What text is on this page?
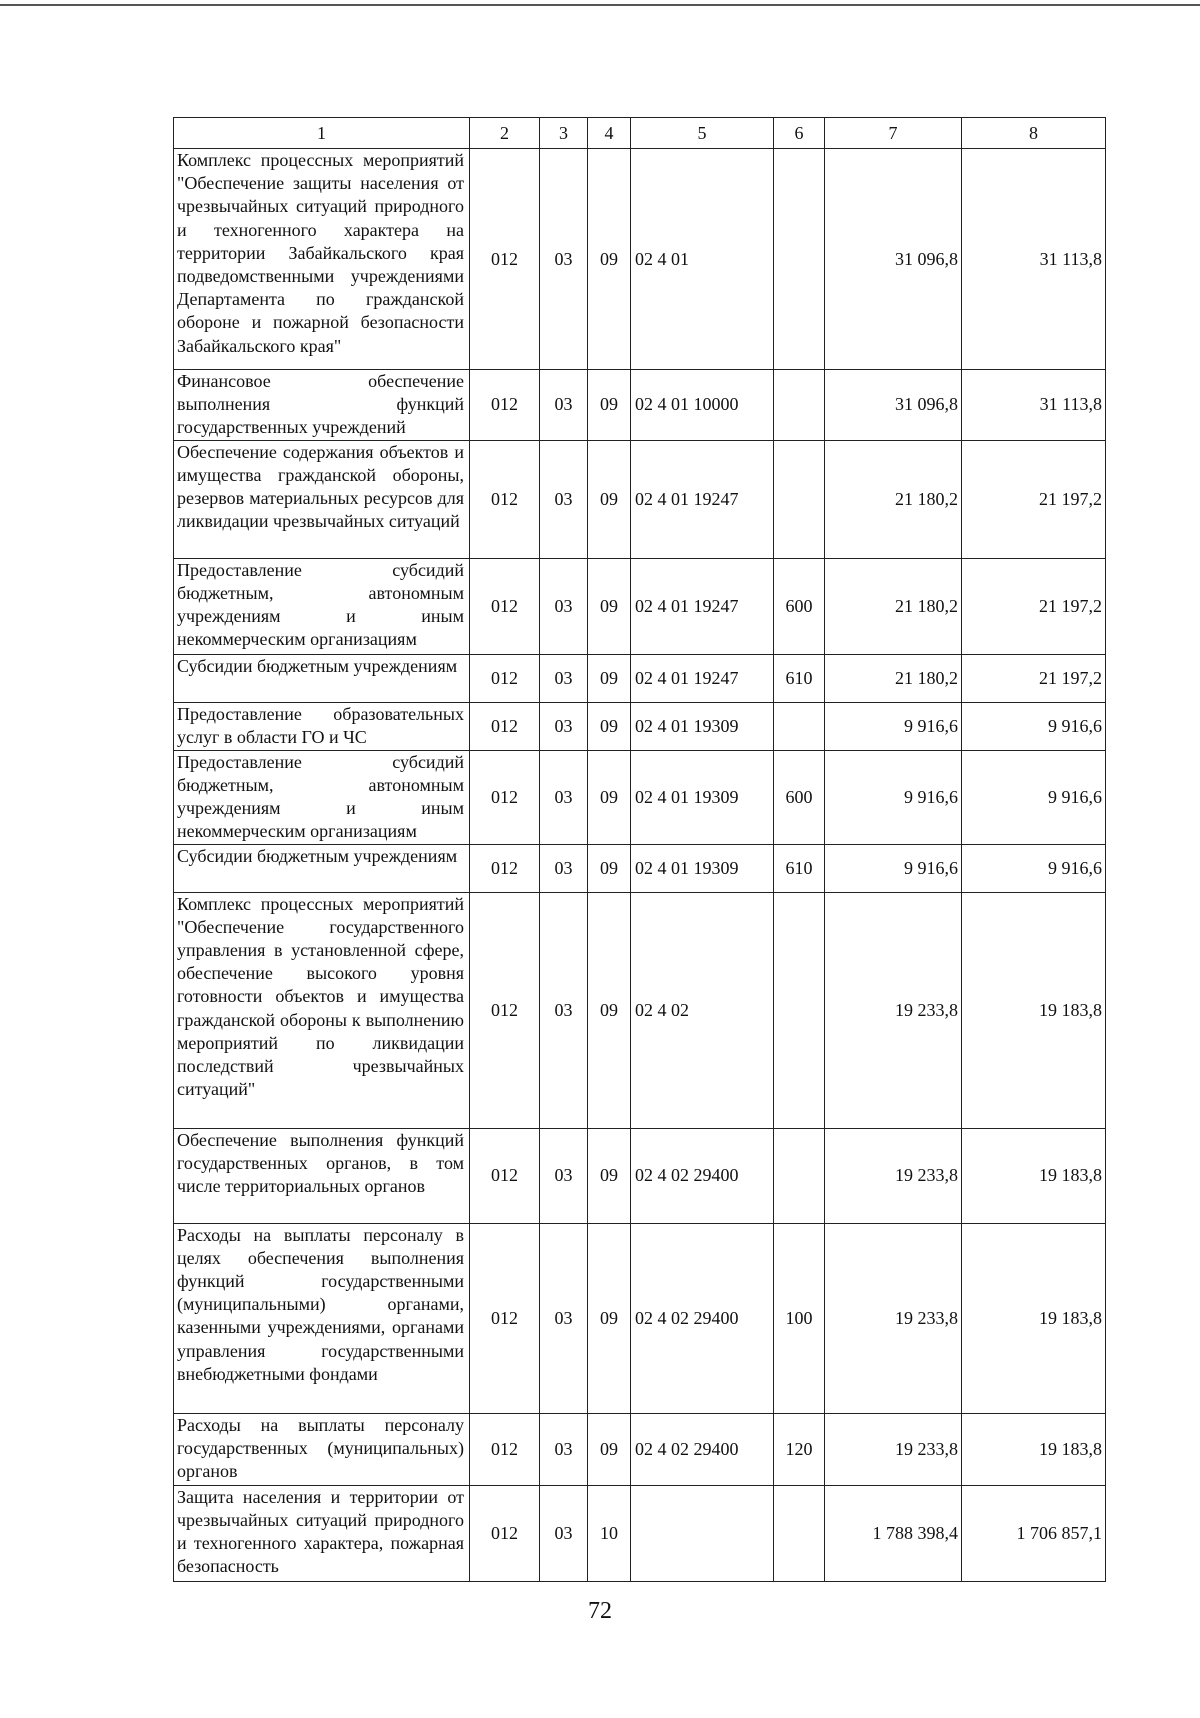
1	2	3	4	5	6	7	8
Комплекс процессных мероприятий "Обеспечение защиты населения от чрезвычайных ситуаций природного и техногенного характера на территории Забайкальского края подведомственными учреждениями Департамента по гражданской обороне и пожарной безопасности Забайкальского края"	012	03	09	02 4 01		31 096,8	31 113,8
Финансовое обеспечение выполнения функций государственных учреждений	012	03	09	02 4 01 10000		31 096,8	31 113,8
Обеспечение содержания объектов и имущества гражданской обороны, резервов материальных ресурсов для ликвидации чрезвычайных ситуаций	012	03	09	02 4 01 19247		21 180,2	21 197,2
Предоставление субсидий бюджетным, автономным учреждениям и иным некоммерческим организациям	012	03	09	02 4 01 19247	600	21 180,2	21 197,2
Субсидии бюджетным учреждениям	012	03	09	02 4 01 19247	610	21 180,2	21 197,2
Предоставление образовательных услуг в области ГО и ЧС	012	03	09	02 4 01 19309		9 916,6	9 916,6
Предоставление субсидий бюджетным, автономным учреждениям и иным некоммерческим организациям	012	03	09	02 4 01 19309	600	9 916,6	9 916,6
Субсидии бюджетным учреждениям	012	03	09	02 4 01 19309	610	9 916,6	9 916,6
Комплекс процессных мероприятий "Обеспечение государственного управления в установленной сфере, обеспечение высокого уровня готовности объектов и имущества гражданской обороны к выполнению мероприятий по ликвидации последствий чрезвычайных ситуаций"	012	03	09	02 4 02		19 233,8	19 183,8
Обеспечение выполнения функций государственных органов, в том числе территориальных органов	012	03	09	02 4 02 29400		19 233,8	19 183,8
Расходы на выплаты персоналу в целях обеспечения выполнения функций государственными (муниципальными) органами, казенными учреждениями, органами управления государственными внебюджетными фондами	012	03	09	02 4 02 29400	100	19 233,8	19 183,8
Расходы на выплаты персоналу государственных (муниципальных) органов	012	03	09	02 4 02 29400	120	19 233,8	19 183,8
Защита населения и территории от чрезвычайных ситуаций природного и техногенного характера, пожарная безопасность	012	03	10			1 788 398,4	1 706 857,1
72
